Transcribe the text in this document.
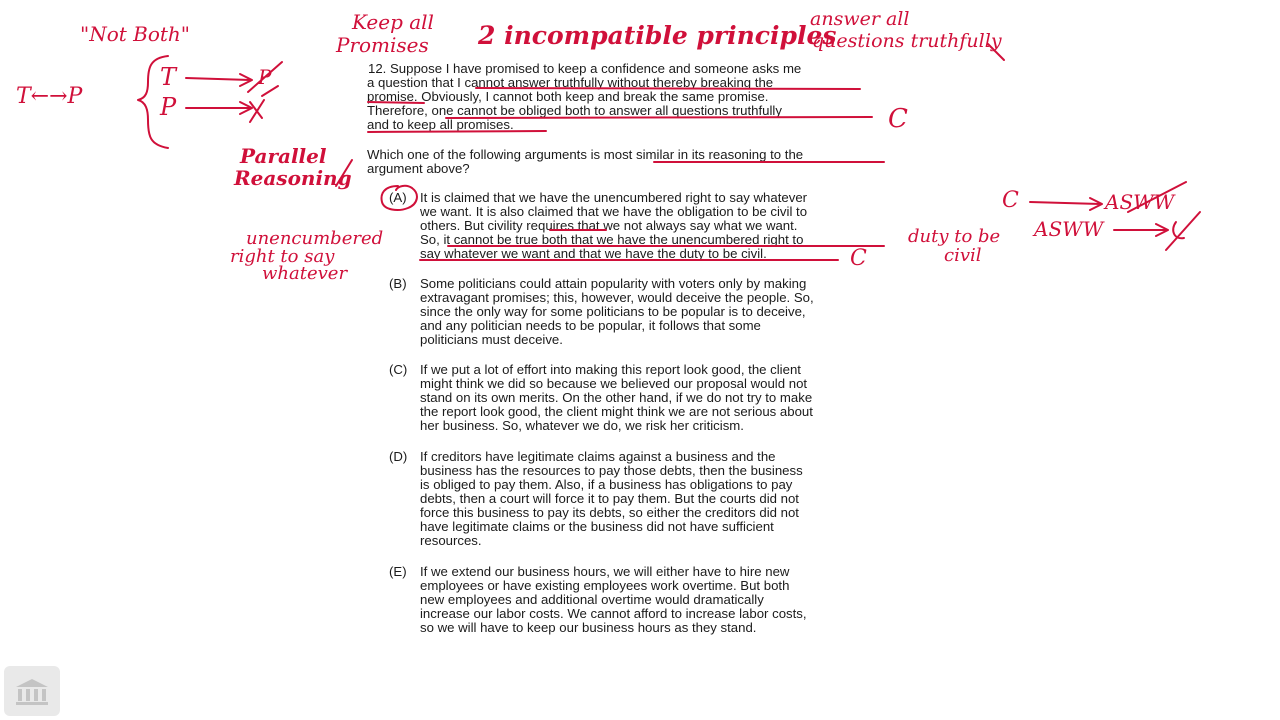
12. Suppose I have promised to keep a confidence and someone asks me
a question that I cannot answer truthfully without thereby breaking the
promise. Obviously, I cannot both keep and break the same promise.
Therefore, one cannot be obliged both to answer all questions truthfully
and to keep all promises.
Which one of the following arguments is most similar in its reasoning to the
argument above?
(A) It is claimed that we have the unencumbered right to say whatever
we want. It is also claimed that we have the obligation to be civil to
others. But civility requires that we not always say what we want.
So, it cannot be true both that we have the unencumbered right to
say whatever we want and that we have the duty to be civil.
(B) Some politicians could attain popularity with voters only by making
extravagant promises; this, however, would deceive the people. So,
since the only way for some politicians to be popular is to deceive,
and any politician needs to be popular, it follows that some
politicians must deceive.
(C) If we put a lot of effort into making this report look good, the client
might think we did so because we believed our proposal would not
stand on its own merits. On the other hand, if we do not try to make
the report look good, the client might think we are not serious about
her business. So, whatever we do, we risk her criticism.
(D) If creditors have legitimate claims against a business and the
business has the resources to pay those debts, then the business
is obliged to pay them. Also, if a business has obligations to pay
debts, then a court will force it to pay them. But the courts did not
force this business to pay its debts, so either the creditors did not
have legitimate claims or the business did not have sufficient
resources.
(E) If we extend our business hours, we will either have to hire new
employees or have existing employees work overtime. But both
new employees and additional overtime would dramatically
increase our labor costs. We cannot afford to increase labor costs,
so we will have to keep our business hours as they stand.
"Not Both"
T←→P
T
P
P
Keep all
Promises 2 incompatible principles
answer all
questions truthfully
C
Parallel
Reasoning
unencumbered
right to say
whatever
C
duty to be
civil
C	ASWW
ASWW
